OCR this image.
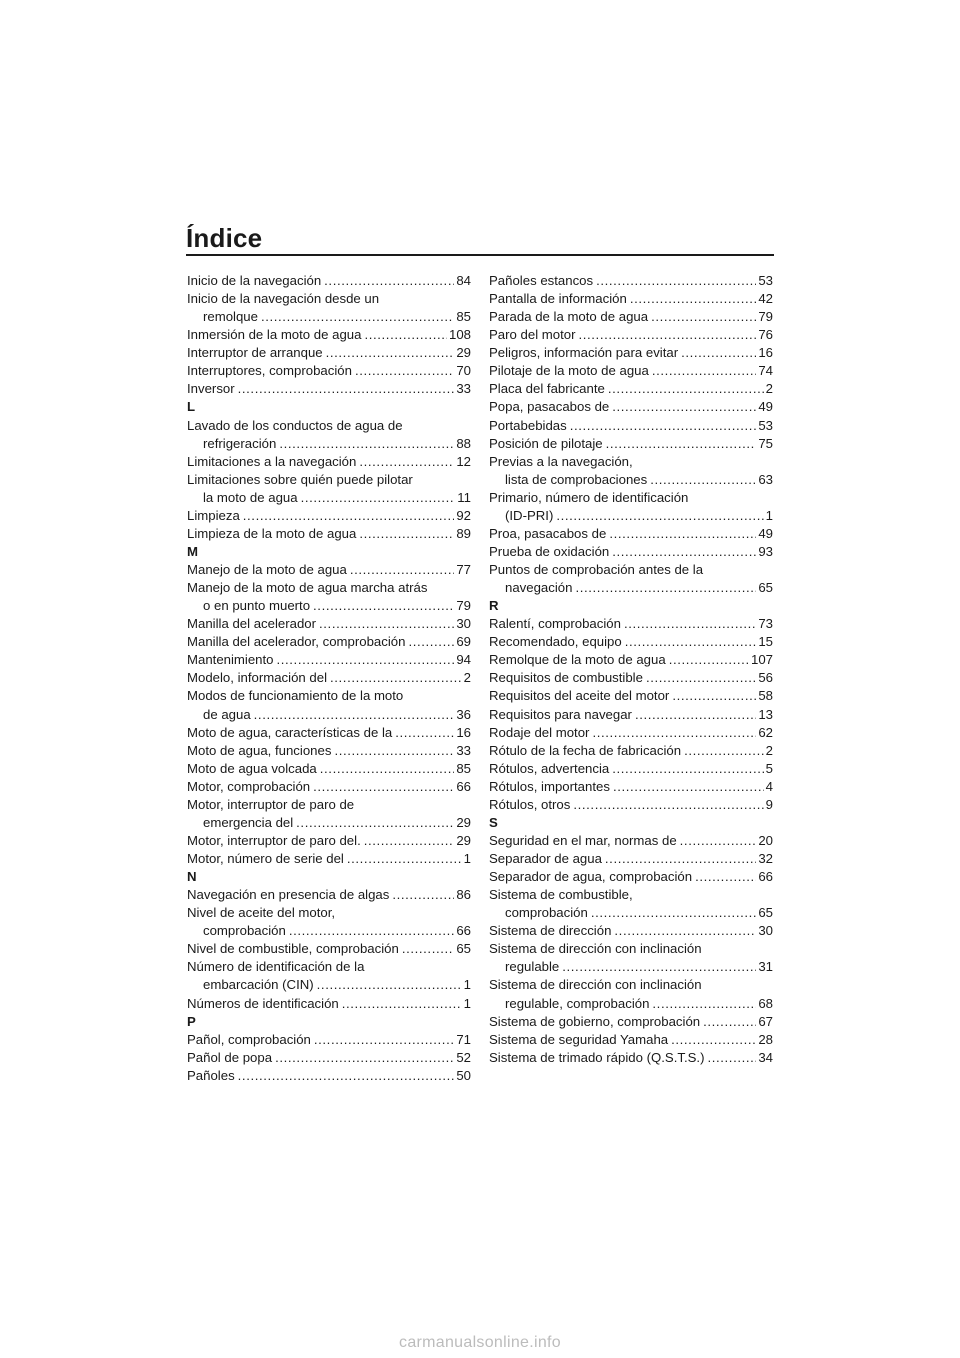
Índice
Inicio de la navegación .....	84
Inicio de la navegación desde un
remolque .....	85
Inmersión de la moto de agua .....	108
Interruptor de arranque .....	29
Interruptores, comprobación .....	70
Inversor .....	33
L
Lavado de los conductos de agua de
refrigeración .....	88
Limitaciones a la navegación .....	12
Limitaciones sobre quién puede pilotar
la moto de agua .....	11
Limpieza .....	92
Limpieza de la moto de agua .....	89
M
Manejo de la moto de agua .....	77
Manejo de la moto de agua marcha atrás
o en punto muerto .....	79
Manilla del acelerador .....	30
Manilla del acelerador, comprobación .....	69
Mantenimiento .....	94
Modelo, información del .....	2
Modos de funcionamiento de la moto
de agua .....	36
Moto de agua, características de la .....	16
Moto de agua, funciones .....	33
Moto de agua volcada .....	85
Motor, comprobación .....	66
Motor, interruptor de paro de
emergencia del .....	29
Motor, interruptor de paro del. .....	29
Motor, número de serie del .....	1
N
Navegación en presencia de algas .....	86
Nivel de aceite del motor,
comprobación .....	66
Nivel de combustible, comprobación .....	65
Número de identificación de la
embarcación (CIN) .....	1
Números de identificación .....	1
P
Pañol, comprobación .....	71
Pañol de popa .....	52
Pañoles .....	50
Pañoles estancos .....	53
Pantalla de información .....	42
Parada de la moto de agua .....	79
Paro del motor .....	76
Peligros, información para evitar .....	16
Pilotaje de la moto de agua .....	74
Placa del fabricante .....	2
Popa, pasacabos de .....	49
Portabebidas .....	53
Posición de pilotaje .....	75
Previas a la navegación,
lista de comprobaciones .....	63
Primario, número de identificación
(ID-PRI) .....	1
Proa, pasacabos de .....	49
Prueba de oxidación .....	93
Puntos de comprobación antes de la
navegación .....	65
R
Ralentí, comprobación .....	73
Recomendado, equipo .....	15
Remolque de la moto de agua .....	107
Requisitos de combustible .....	56
Requisitos del aceite del motor .....	58
Requisitos para navegar .....	13
Rodaje del motor .....	62
Rótulo de la fecha de fabricación .....	2
Rótulos, advertencia .....	5
Rótulos, importantes .....	4
Rótulos, otros .....	9
S
Seguridad en el mar, normas de .....	20
Separador de agua .....	32
Separador de agua, comprobación .....	66
Sistema de combustible,
comprobación .....	65
Sistema de dirección .....	30
Sistema de dirección con inclinación
regulable .....	31
Sistema de dirección con inclinación
regulable, comprobación .....	68
Sistema de gobierno, comprobación .....	67
Sistema de seguridad Yamaha .....	28
Sistema de trimado rápido (Q.S.T.S.) .....	34
carmanualsonline.info
